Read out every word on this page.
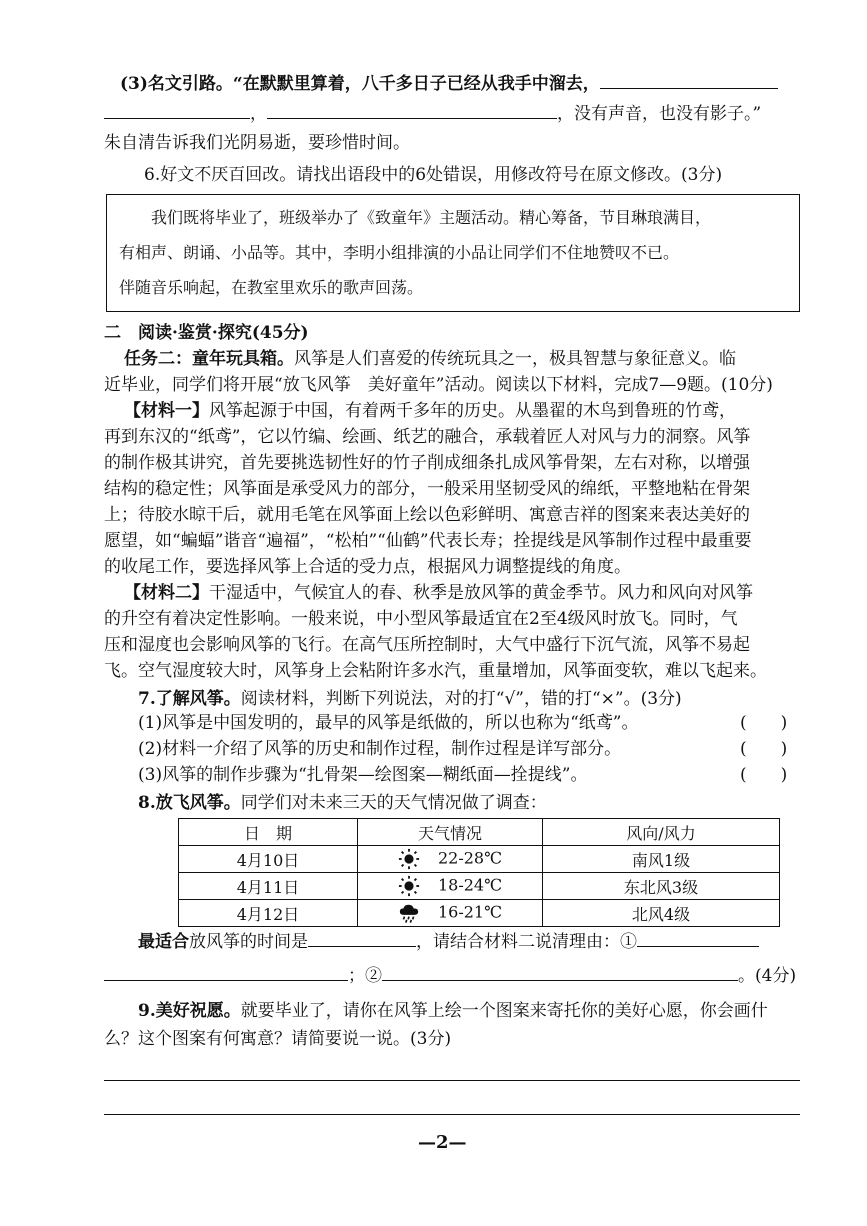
(3)名文引路。“在默默里算着，八千多日子已经从我手中溜去，
，	，没有声音，也没有影子。”
朱自清告诉我们光阴易逝，要珍惜时间。
6.好文不厌百回改。请找出语段中的6处错误，用修改符号在原文修改。(3分)
我们既将毕业了，班级举办了《致童年》主题活动。精心筹备，节目琳琅满目，
有相声、朗诵、小品等。其中，李明小组排演的小品让同学们不住地赞叹不已。
伴随音乐响起，在教室里欢乐的歌声回荡。
二　阅读·鉴赏·探究(45分)
任务二：童年玩具箱。风筝是人们喜爱的传统玩具之一，极具智慧与象征意义。临
近毕业，同学们将开展“放飞风筝　美好童年”活动。阅读以下材料，完成7—9题。(10分)
【材料一】风筝起源于中国，有着两千多年的历史。从墨翟的木鸟到鲁班的竹鸢，
再到东汉的“纸鸢”，它以竹编、绘画、纸艺的融合，承载着匠人对风与力的洞察。风筝
的制作极其讲究，首先要挑选韧性好的竹子削成细条扎成风筝骨架，左右对称，以增强
结构的稳定性；风筝面是承受风力的部分，一般采用坚韧受风的绵纸，平整地粘在骨架
上；待胶水晾干后，就用毛笔在风筝面上绘以色彩鲜明、寓意吉祥的图案来表达美好的
愿望，如“蝙蝠”谐音“遍福”，“松柏”“仙鹤”代表长寿；拴提线是风筝制作过程中最重要
的收尾工作，要选择风筝上合适的受力点，根据风力调整提线的角度。
【材料二】干湿适中，气候宜人的春、秋季是放风筝的黄金季节。风力和风向对风筝
的升空有着决定性影响。一般来说，中小型风筝最适宜在2至4级风时放飞。同时，气
压和湿度也会影响风筝的飞行。在高气压所控制时，大气中盛行下沉气流，风筝不易起
飞。空气湿度较大时，风筝身上会粘附许多水汽，重量增加，风筝面变软，难以飞起来。
7.了解风筝。阅读材料，判断下列说法，对的打“√”，错的打“×”。(3分)
(1)风筝是中国发明的，最早的风筝是纸做的，所以也称为“纸鸢”。	(　　)
(2)材料一介绍了风筝的历史和制作过程，制作过程是详写部分。	(　　)
(3)风筝的制作步骤为“扎骨架—绘图案—糊纸面—拴提线”。	(　　)
8.放飞风筝。同学们对未来三天的天气情况做了调查：
日　期	天气情况	风向/风力
4月10日	22-28℃	南风1级
4月11日	18-24℃	东北风3级
4月12日	16-21℃	北风4级
最适合放风筝的时间是	，请结合材料二说清理由：①
；②	。(4分)
9.美好祝愿。就要毕业了，请你在风筝上绘一个图案来寄托你的美好心愿，你会画什
么？这个图案有何寓意？请简要说一说。(3分)
—2—
